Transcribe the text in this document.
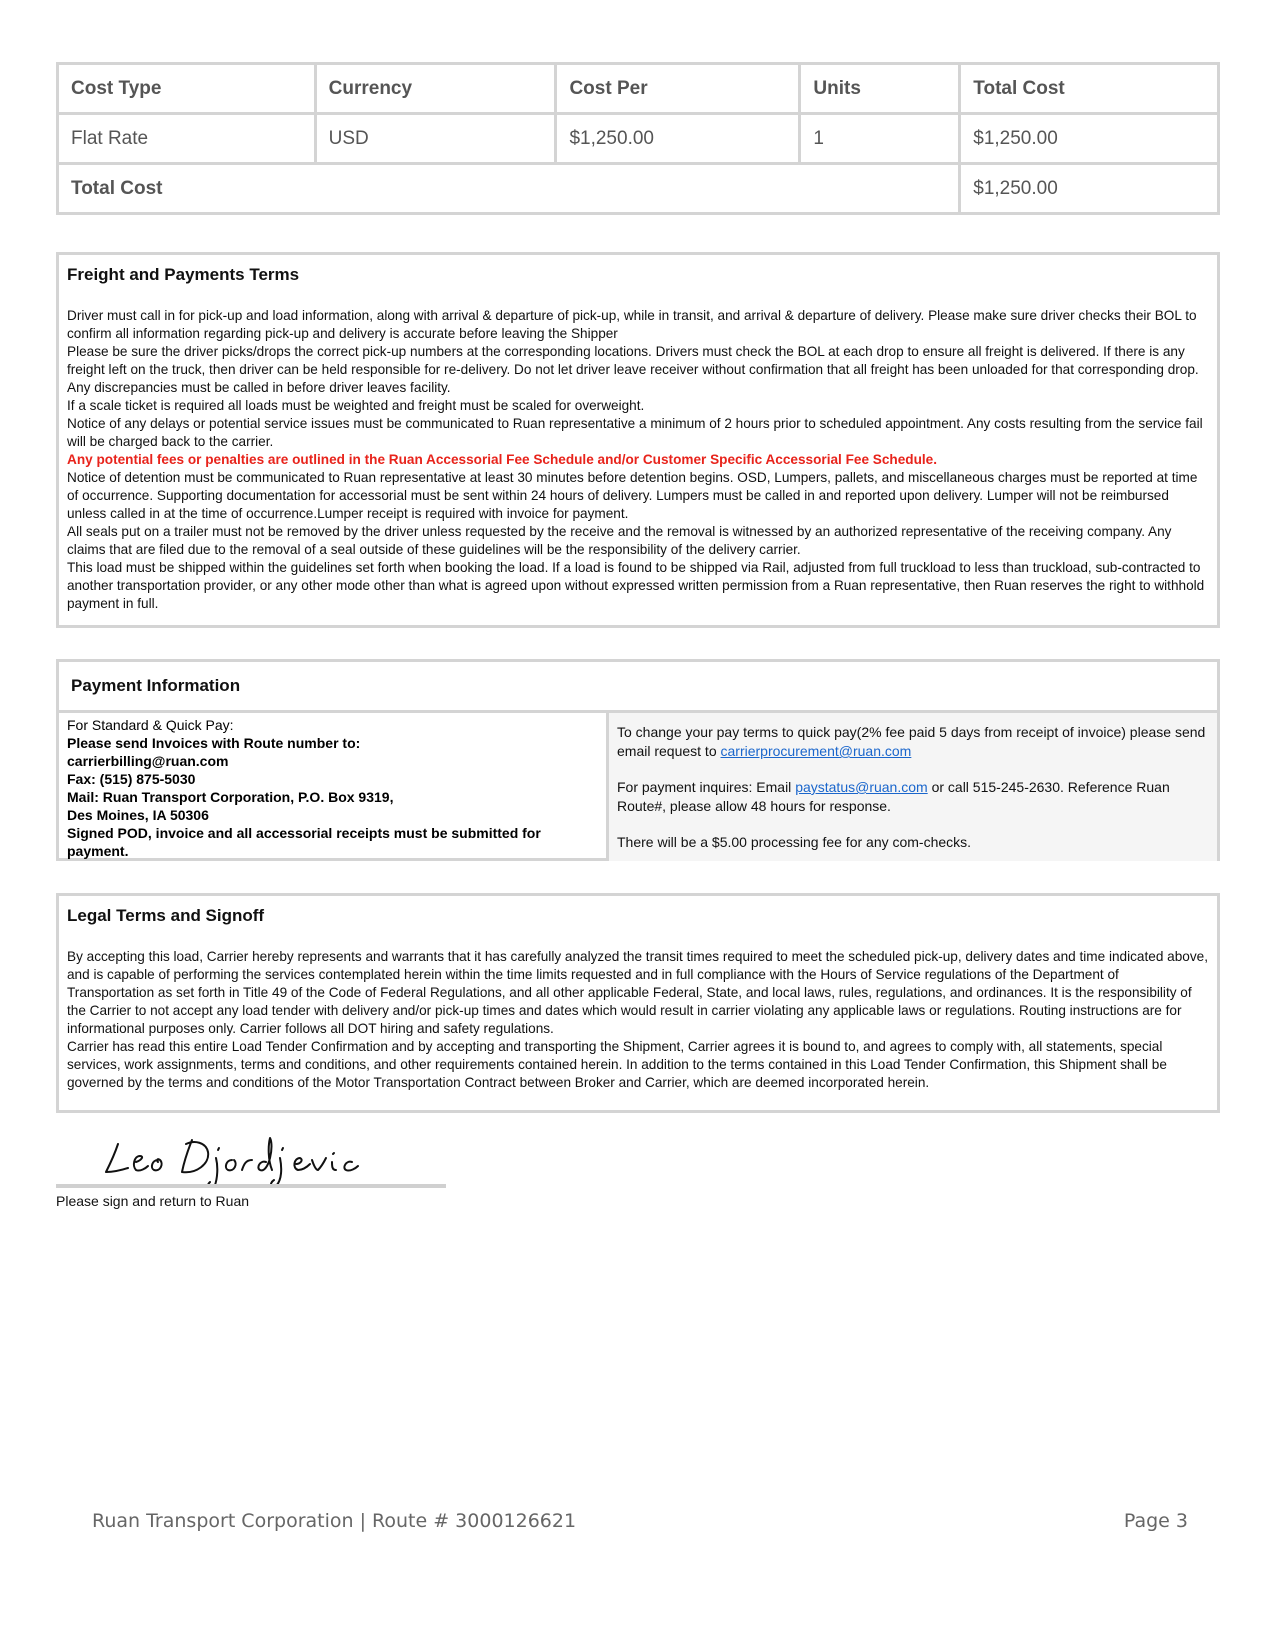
Cost Type	Currency	Cost Per	Units	Total Cost
Flat Rate	USD	$1,250.00	1	$1,250.00
Total Cost				$1,250.00
Freight and Payments Terms
Driver must call in for pick-up and load information, along with arrival & departure of pick-up, while in transit, and arrival & departure of delivery. Please make sure driver checks their BOL to confirm all information regarding pick-up and delivery is accurate before leaving the Shipper
Please be sure the driver picks/drops the correct pick-up numbers at the corresponding locations. Drivers must check the BOL at each drop to ensure all freight is delivered. If there is any freight left on the truck, then driver can be held responsible for re-delivery. Do not let driver leave receiver without confirmation that all freight has been unloaded for that corresponding drop. Any discrepancies must be called in before driver leaves facility.
If a scale ticket is required all loads must be weighted and freight must be scaled for overweight.
Notice of any delays or potential service issues must be communicated to Ruan representative a minimum of 2 hours prior to scheduled appointment. Any costs resulting from the service fail will be charged back to the carrier.
Any potential fees or penalties are outlined in the Ruan Accessorial Fee Schedule and/or Customer Specific Accessorial Fee Schedule.
Notice of detention must be communicated to Ruan representative at least 30 minutes before detention begins. OSD, Lumpers, pallets, and miscellaneous charges must be reported at time of occurrence. Supporting documentation for accessorial must be sent within 24 hours of delivery. Lumpers must be called in and reported upon delivery. Lumper will not be reimbursed unless called in at the time of occurrence.Lumper receipt is required with invoice for payment.
All seals put on a trailer must not be removed by the driver unless requested by the receive and the removal is witnessed by an authorized representative of the receiving company. Any claims that are filed due to the removal of a seal outside of these guidelines will be the responsibility of the delivery carrier.
This load must be shipped within the guidelines set forth when booking the load. If a load is found to be shipped via Rail, adjusted from full truckload to less than truckload, sub-contracted to another transportation provider, or any other mode other than what is agreed upon without expressed written permission from a Ruan representative, then Ruan reserves the right to withhold payment in full.
Payment Information
For Standard & Quick Pay:
Please send Invoices with Route number to:
carrierbilling@ruan.com
Fax: (515) 875-5030
Mail: Ruan Transport Corporation, P.O. Box 9319,
Des Moines, IA 50306
Signed POD, invoice and all accessorial receipts must be submitted for payment.

To change your pay terms to quick pay(2% fee paid 5 days from receipt of invoice) please send email request to carrierprocurement@ruan.com

For payment inquires: Email paystatus@ruan.com or call 515-245-2630. Reference Ruan Route#, please allow 48 hours for response.

There will be a $5.00 processing fee for any com-checks.

Legal Terms and Signoff
By accepting this load, Carrier hereby represents and warrants that it has carefully analyzed the transit times required to meet the scheduled pick-up, delivery dates and time indicated above, and is capable of performing the services contemplated herein within the time limits requested and in full compliance with the Hours of Service regulations of the Department of Transportation as set forth in Title 49 of the Code of Federal Regulations, and all other applicable Federal, State, and local laws, rules, regulations, and ordinances. It is the responsibility of the Carrier to not accept any load tender with delivery and/or pick-up times and dates which would result in carrier violating any applicable laws or regulations. Routing instructions are for informational purposes only. Carrier follows all DOT hiring and safety regulations.
Carrier has read this entire Load Tender Confirmation and by accepting and transporting the Shipment, Carrier agrees it is bound to, and agrees to comply with, all statements, special services, work assignments, terms and conditions, and other requirements contained herein. In addition to the terms contained in this Load Tender Confirmation, this Shipment shall be governed by the terms and conditions of the Motor Transportation Contract between Broker and Carrier, which are deemed incorporated herein.
Please sign and return to Ruan
Ruan Transport Corporation | Route # 3000126621	Page 3
